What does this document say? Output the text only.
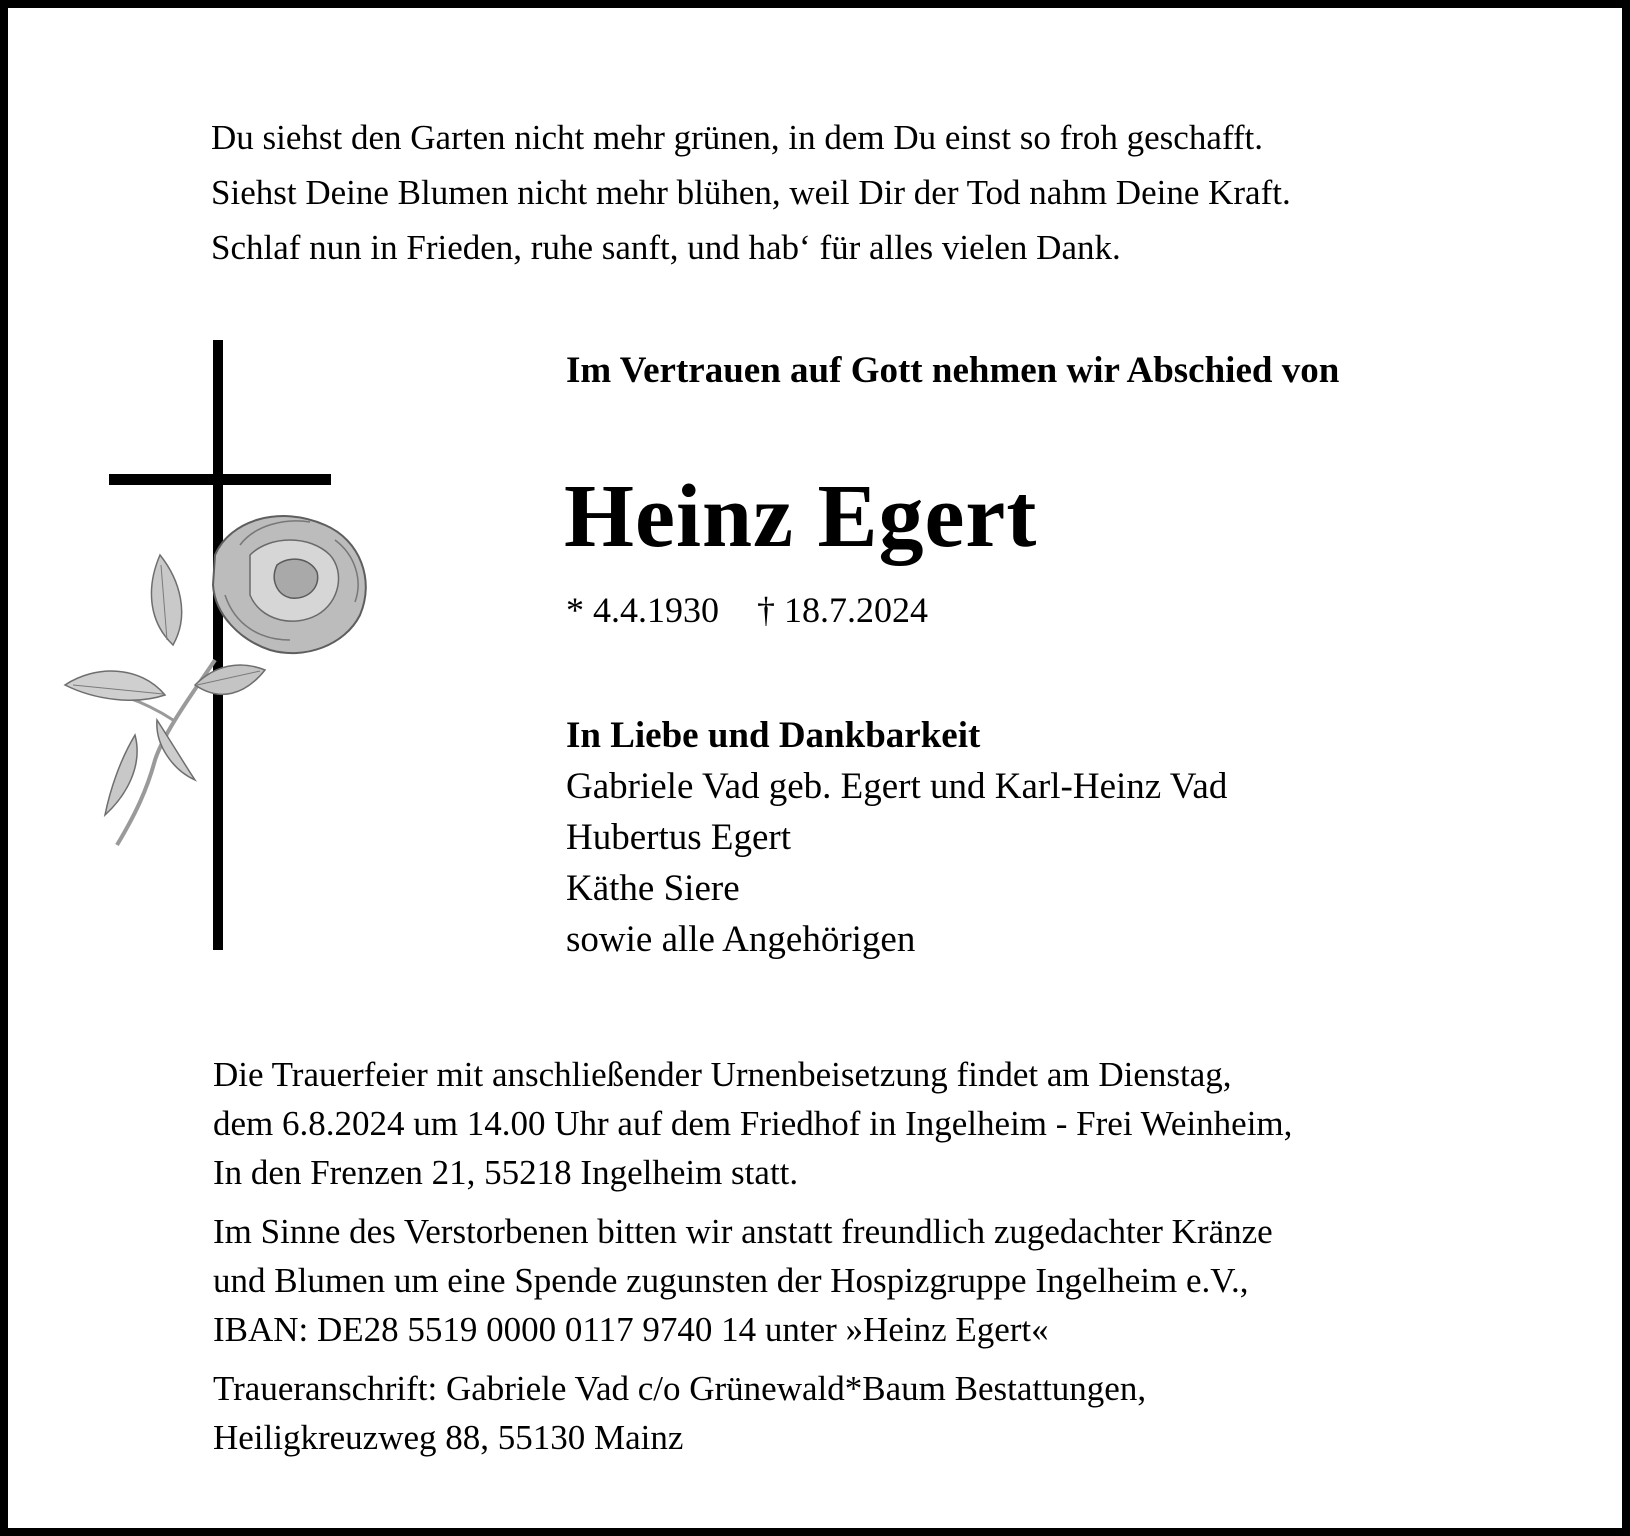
Du siehst den Garten nicht mehr grünen, in dem Du einst so froh geschafft.
Siehst Deine Blumen nicht mehr blühen, weil Dir der Tod nahm Deine Kraft.
Schlaf nun in Frieden, ruhe sanft, und hab‘ für alles vielen Dank.
Im Vertrauen auf Gott nehmen wir Abschied von
Heinz Egert
* 4.4.1930 † 18.7.2024
In Liebe und Dankbarkeit
Gabriele Vad geb. Egert und Karl-Heinz Vad
Hubertus Egert
Käthe Siere
sowie alle Angehörigen
Die Trauerfeier mit anschließender Urnenbeisetzung findet am Dienstag,
dem 6.8.2024 um 14.00 Uhr auf dem Friedhof in Ingelheim - Frei Weinheim,
In den Frenzen 21, 55218 Ingelheim statt.
Im Sinne des Verstorbenen bitten wir anstatt freundlich zugedachter Kränze
und Blumen um eine Spende zugunsten der Hospizgruppe Ingelheim e.V.,
IBAN: DE28 5519 0000 0117 9740 14 unter »Heinz Egert«
Traueranschrift: Gabriele Vad c/o Grünewald*Baum Bestattungen,
Heiligkreuzweg 88, 55130 Mainz
